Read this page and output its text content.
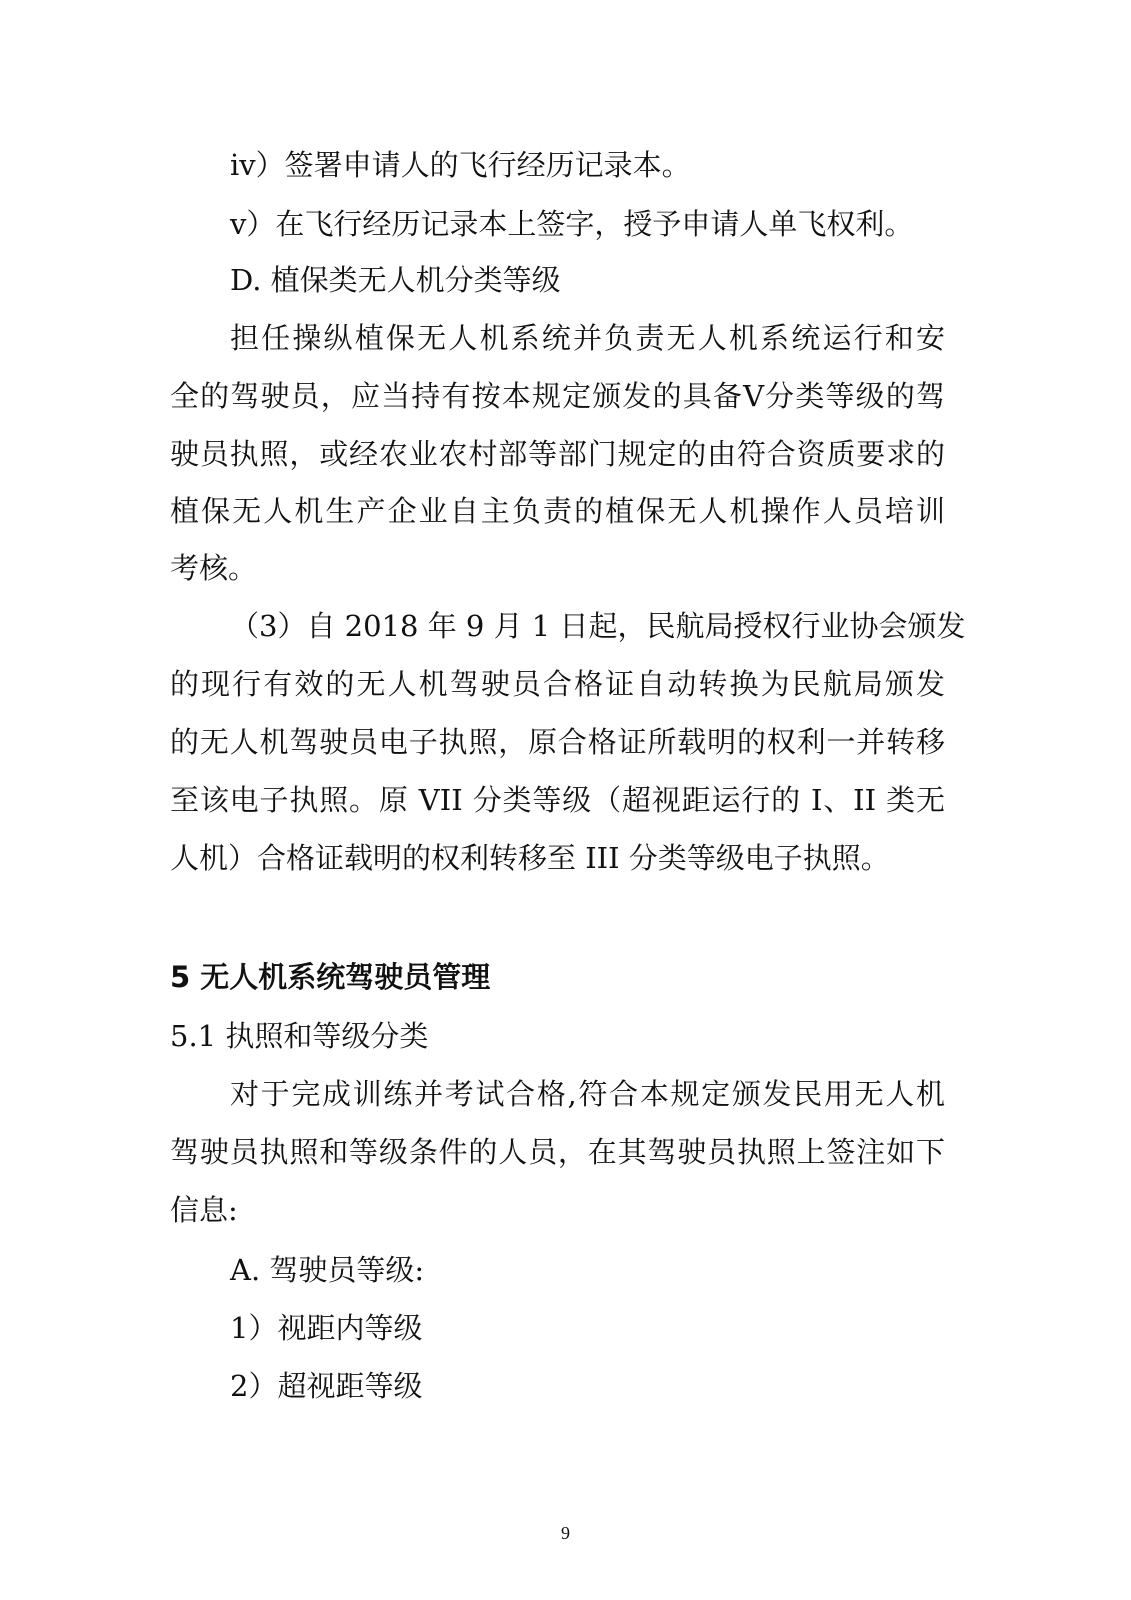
iv）签署申请人的飞行经历记录本。
v）在飞行经历记录本上签字，授予申请人单飞权利。
D. 植保类无人机分类等级
担任操纵植保无人机系统并负责无人机系统运行和安
全的驾驶员，应当持有按本规定颁发的具备Ⅴ分类等级的驾
驶员执照，或经农业农村部等部门规定的由符合资质要求的
植保无人机生产企业自主负责的植保无人机操作人员培训
考核。
（3）自 2018 年 9 月 1 日起，民航局授权行业协会颁发
的现行有效的无人机驾驶员合格证自动转换为民航局颁发
的无人机驾驶员电子执照，原合格证所载明的权利一并转移
至该电子执照。原 VII 分类等级（超视距运行的 I、II 类无
人机）合格证载明的权利转移至 III 分类等级电子执照。
5 无人机系统驾驶员管理
5.1 执照和等级分类
对于完成训练并考试合格,符合本规定颁发民用无人机
驾驶员执照和等级条件的人员，在其驾驶员执照上签注如下
信息:
A. 驾驶员等级:
1）视距内等级
2）超视距等级
9
